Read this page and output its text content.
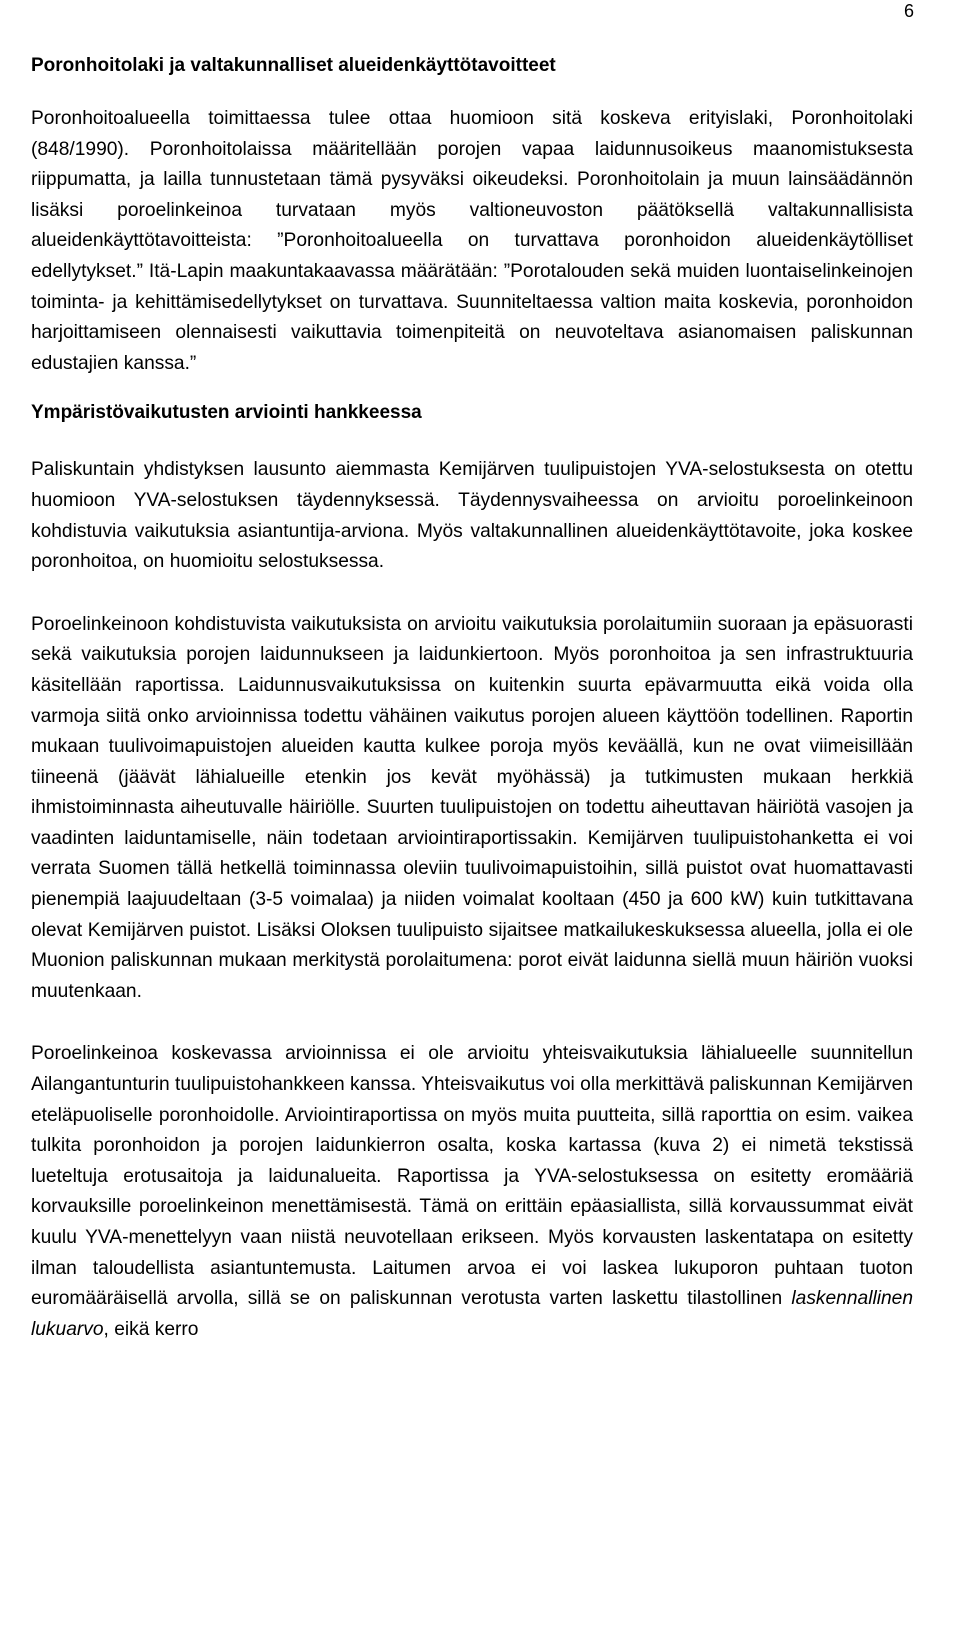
6
Poronhoitolaki ja valtakunnalliset alueidenkäyttötavoitteet

Poronhoitoalueella toimittaessa tulee ottaa huomioon sitä koskeva erityislaki, Poronhoitolaki (848/1990). Poronhoitolaissa määritellään porojen vapaa laidunnusoikeus maanomistuksesta riippumatta, ja lailla tunnustetaan tämä pysyväksi oikeudeksi. Poronhoitolain ja muun lainsäädännön lisäksi poroelinkeinoa turvataan myös valtioneuvoston päätöksellä valtakunnallisista alueidenkäyttötavoitteista: ”Poronhoitoalueella on turvattava poronhoidon alueidenkäytölliset edellytykset.” Itä-Lapin maakuntakaavassa määrätään: ”Porotalouden sekä muiden luontaiselinkeinojen toiminta- ja kehittämisedellytykset on turvattava. Suunniteltaessa valtion maita koskevia, poronhoidon harjoittamiseen olennaisesti vaikuttavia toimenpiteitä on neuvoteltava asianomaisen paliskunnan edustajien kanssa.”

Ympäristövaikutusten arviointi hankkeessa

Paliskuntain yhdistyksen lausunto aiemmasta Kemijärven tuulipuistojen YVA-selostuksesta on otettu huomioon YVA-selostuksen täydennyksessä. Täydennysvaiheessa on arvioitu poroelinkeinoon kohdistuvia vaikutuksia asiantuntija-arviona. Myös valtakunnallinen alueidenkäyttötavoite, joka koskee poronhoitoa, on huomioitu selostuksessa.

Poroelinkeinoon kohdistuvista vaikutuksista on arvioitu vaikutuksia porolaitumiin suoraan ja epäsuorasti sekä vaikutuksia porojen laidunnukseen ja laidunkiertoon. Myös poronhoitoa ja sen infrastruktuuria käsitellään raportissa. Laidunnusvaikutuksissa on kuitenkin suurta epävarmuutta eikä voida olla varmoja siitä onko arvioinnissa todettu vähäinen vaikutus porojen alueen käyttöön todellinen. Raportin mukaan tuulivoimapuistojen alueiden kautta kulkee poroja myös keväällä, kun ne ovat viimeisillään tiineenä (jäävät lähialueille etenkin jos kevät myöhässä) ja tutkimusten mukaan herkkiä ihmistoiminnasta aiheutuvalle häiriölle. Suurten tuulipuistojen on todettu aiheuttavan häiriötä vasojen ja vaadinten laiduntamiselle, näin todetaan arviointiraportissakin. Kemijärven tuulipuistohanketta ei voi verrata Suomen tällä hetkellä toiminnassa oleviin tuulivoimapuistoihin, sillä puistot ovat huomattavasti pienempiä laajuudeltaan (3-5 voimalaa) ja niiden voimalat kooltaan (450 ja 600 kW) kuin tutkittavana olevat Kemijärven puistot. Lisäksi Oloksen tuulipuisto sijaitsee matkailukeskuksessa alueella, jolla ei ole Muonion paliskunnan mukaan merkitystä porolaitumena: porot eivät laidunna siellä muun häiriön vuoksi muutenkaan.

Poroelinkeinoa koskevassa arvioinnissa ei ole arvioitu yhteisvaikutuksia lähialueelle suunnitellun Ailangantunturin tuulipuistohankkeen kanssa. Yhteisvaikutus voi olla merkittävä paliskunnan Kemijärven eteläpuoliselle poronhoidolle. Arviointiraportissa on myös muita puutteita, sillä raporttia on esim. vaikea tulkita poronhoidon ja porojen laidunkierron osalta, koska kartassa (kuva 2) ei nimetä tekstissä lueteltuja erotusaitoja ja laidunalueita. Raportissa ja YVA-selostuksessa on esitetty eromääriä korvauksille poroelinkeinon menettämisestä. Tämä on erittäin epäasiallista, sillä korvaussummat eivät kuulu YVA-menettelyyn vaan niistä neuvotellaan erikseen. Myös korvausten laskentatapa on esitetty ilman taloudellista asiantuntemusta. Laitumen arvoa ei voi laskea lukuporon puhtaan tuoton euromääräisellä arvolla, sillä se on paliskunnan verotusta varten laskettu tilastollinen laskennallinen lukuarvo, eikä kerro
